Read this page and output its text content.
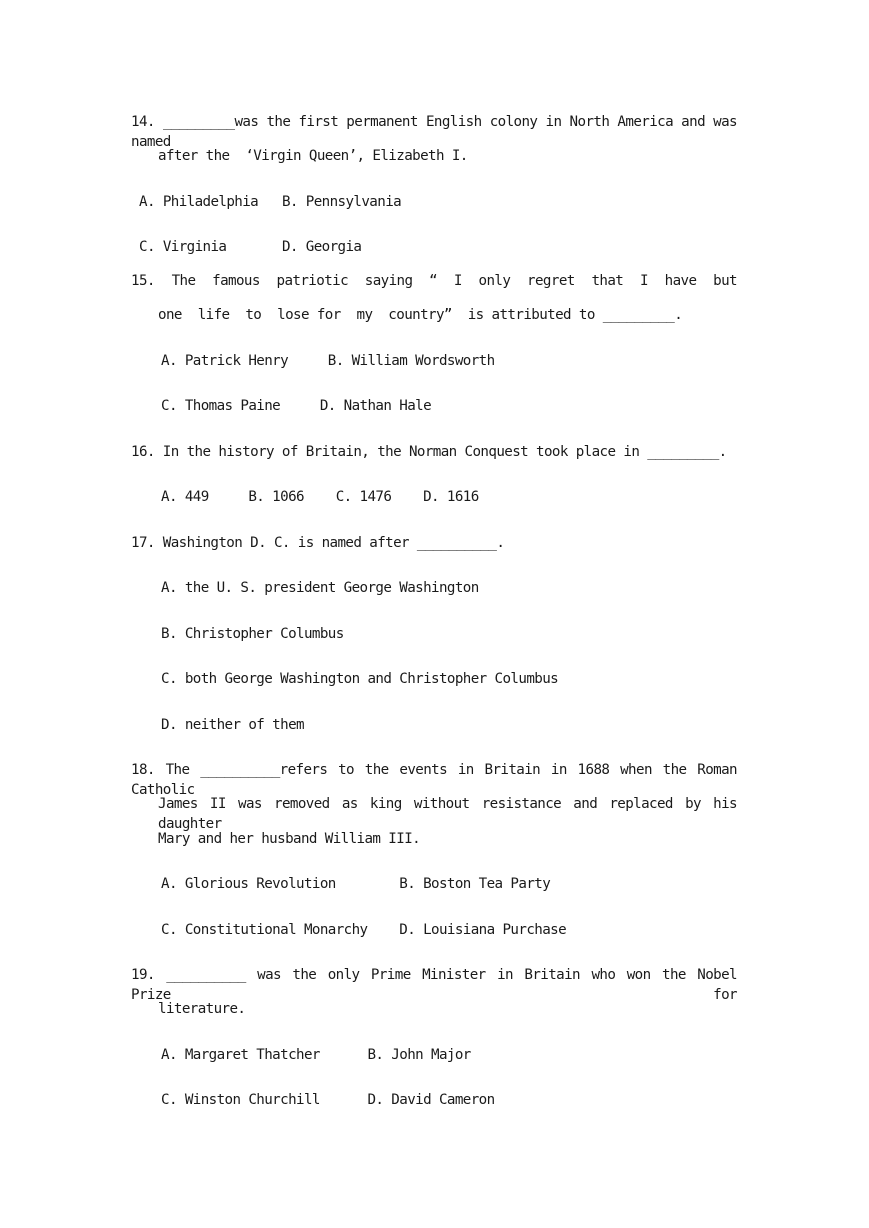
14. _________was the first permanent English colony in North America and was named
after the  ‘Virgin Queen’, Elizabeth I.
A. Philadelphia   B. Pennsylvania
C. Virginia       D. Georgia
15. The famous patriotic saying “ I only regret that I have but
one  life  to  lose for  my  country”  is attributed to _________.
A. Patrick Henry     B. William Wordsworth
C. Thomas Paine     D. Nathan Hale
16. In the history of Britain, the Norman Conquest took place in _________.
A. 449     B. 1066    C. 1476    D. 1616
17. Washington D. C. is named after __________.
A. the U. S. president George Washington
B. Christopher Columbus
C. both George Washington and Christopher Columbus
D. neither of them
18. The __________refers to the events in Britain in 1688 when the Roman Catholic
James II was removed as king without resistance and replaced by his daughter
Mary and her husband William III.
A. Glorious Revolution        B. Boston Tea Party
C. Constitutional Monarchy    D. Louisiana Purchase
19. __________ was the only Prime Minister in Britain who won the Nobel Prize for
literature.
A. Margaret Thatcher      B. John Major
C. Winston Churchill      D. David Cameron
